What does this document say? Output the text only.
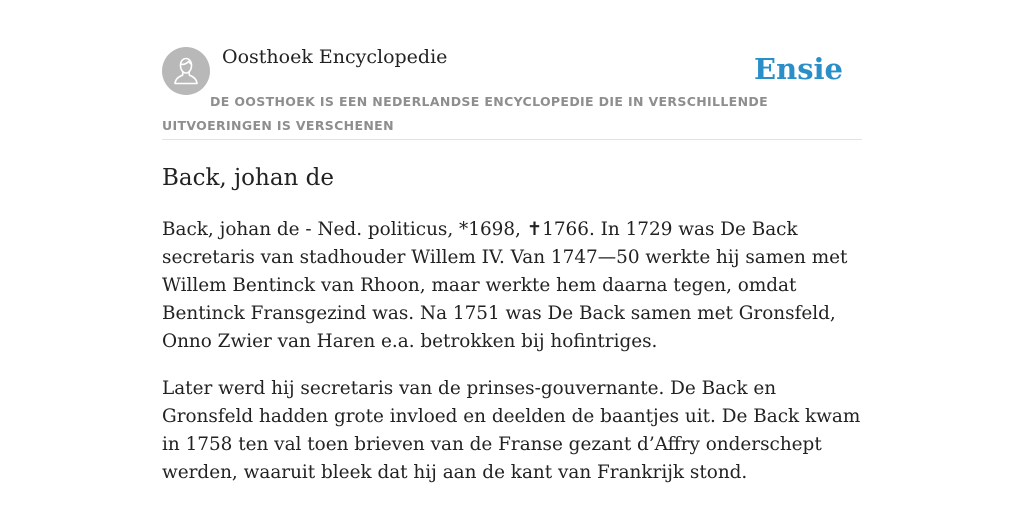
Oosthoek Encyclopedie	Ensie
DE OOSTHOEK IS EEN NEDERLANDSE ENCYCLOPEDIE DIE IN VERSCHILLENDE UITVOERINGEN IS VERSCHENEN
Back, johan de

Back, johan de - Ned. politicus, *1698, ✝1766. In 1729 was De Back secretaris van stadhouder Willem IV. Van 1747—50 werkte hij samen met Willem Bentinck van Rhoon, maar werkte hem daarna tegen, omdat Bentinck Fransgezind was. Na 1751 was De Back samen met Gronsfeld, Onno Zwier van Haren e.a. betrokken bij hofintriges.

Later werd hij secretaris van de prinses-gouvernante. De Back en Gronsfeld hadden grote invloed en deelden de baantjes uit. De Back kwam in 1758 ten val toen brieven van de Franse gezant d’Affry onderschept werden, waaruit bleek dat hij aan de kant van Frankrijk stond.
